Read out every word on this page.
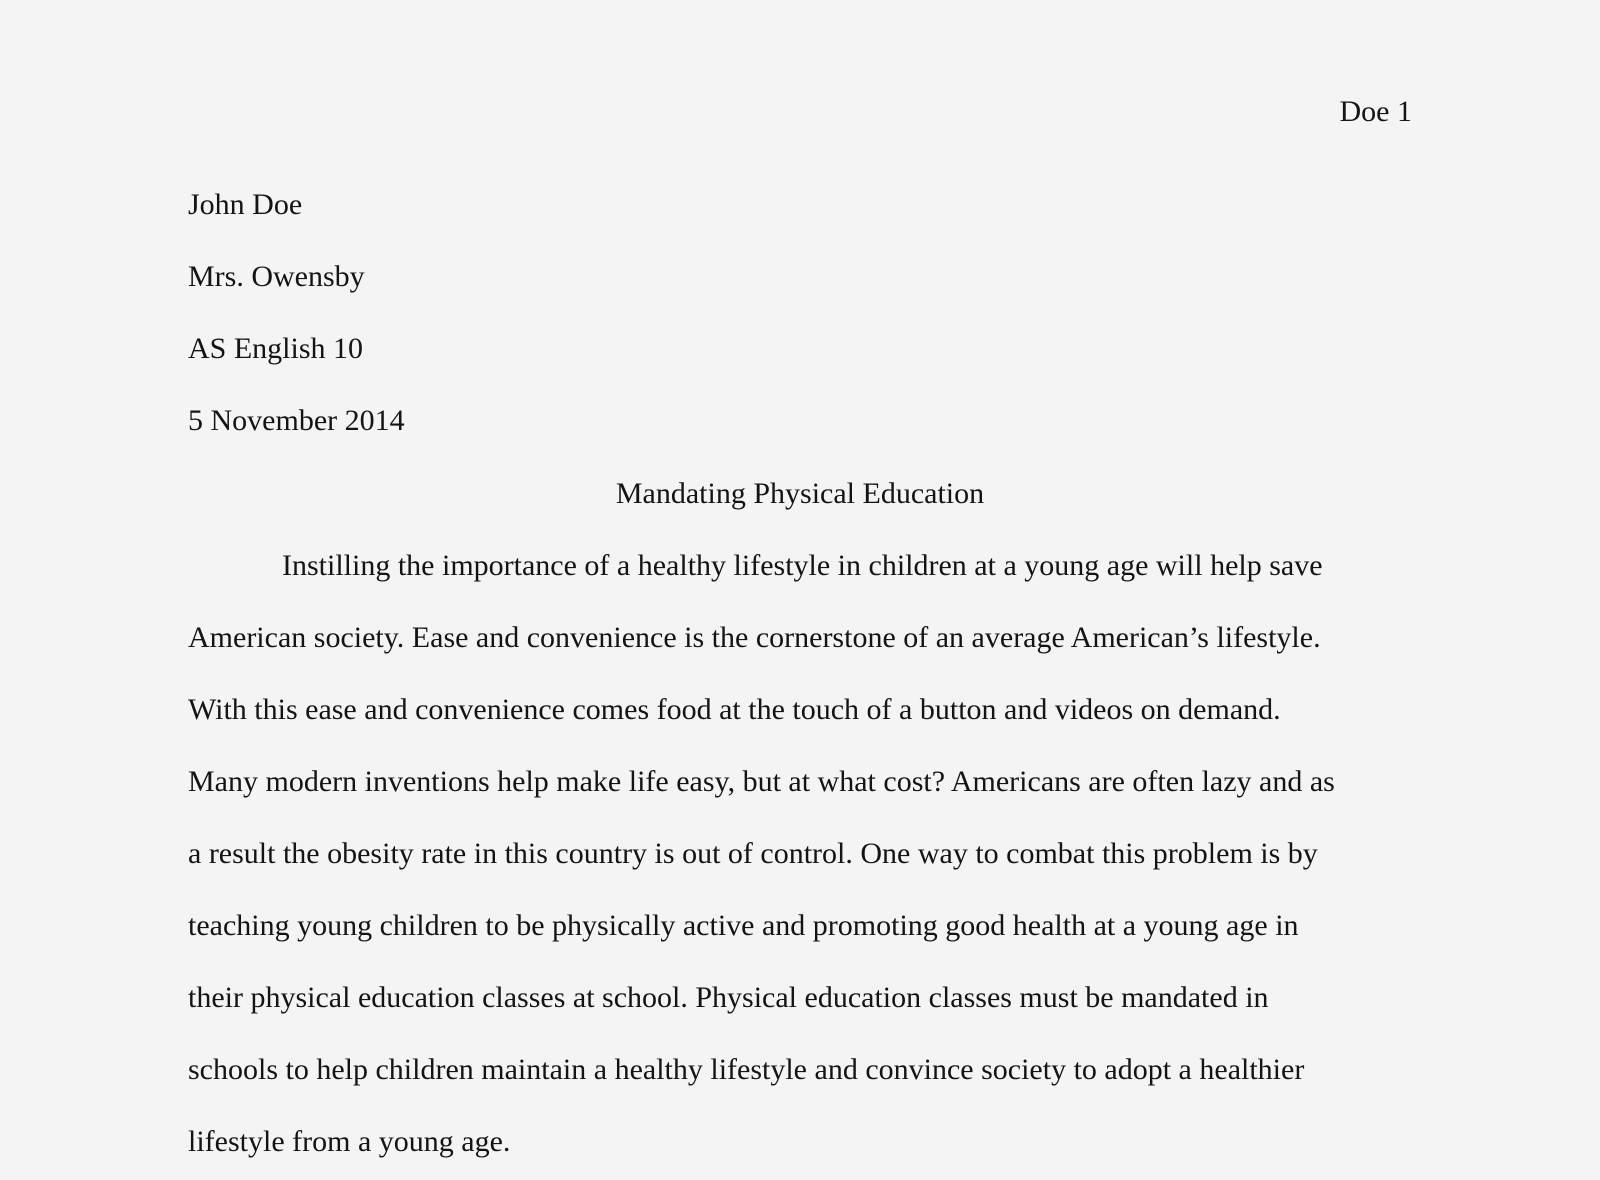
Doe 1

John Doe
Mrs. Owensby
AS English 10
5 November 2014
Mandating Physical Education
Instilling the importance of a healthy lifestyle in children at a young age will help save
American society. Ease and convenience is the cornerstone of an average American’s lifestyle.
With this ease and convenience comes food at the touch of a button and videos on demand.
Many modern inventions help make life easy, but at what cost? Americans are often lazy and as
a result the obesity rate in this country is out of control. One way to combat this problem is by
teaching young children to be physically active and promoting good health at a young age in
their physical education classes at school. Physical education classes must be mandated in
schools to help children maintain a healthy lifestyle and convince society to adopt a healthier
lifestyle from a young age.
